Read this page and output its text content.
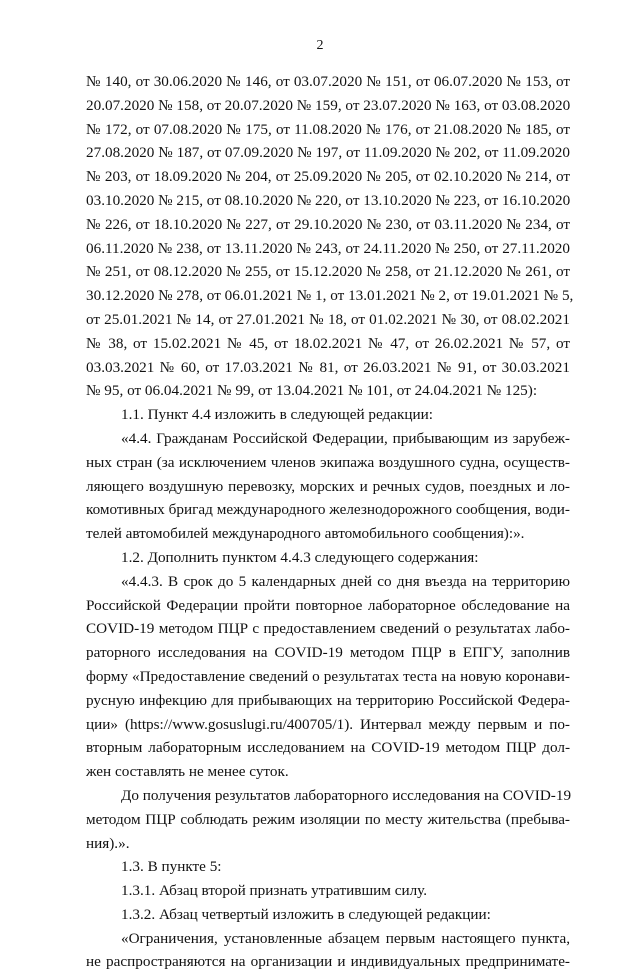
2
№ 140, от 30.06.2020 № 146, от 03.07.2020 № 151, от 06.07.2020 № 153, от
20.07.2020 № 158, от 20.07.2020 № 159, от 23.07.2020 № 163, от 03.08.2020
№ 172, от 07.08.2020 № 175, от 11.08.2020 № 176, от 21.08.2020 № 185, от
27.08.2020 № 187, от 07.09.2020 № 197, от 11.09.2020 № 202, от 11.09.2020
№ 203, от 18.09.2020 № 204, от 25.09.2020 № 205, от 02.10.2020 № 214, от
03.10.2020 № 215, от 08.10.2020 № 220, от 13.10.2020 № 223, от 16.10.2020
№ 226, от 18.10.2020 № 227, от 29.10.2020 № 230, от 03.11.2020 № 234, от
06.11.2020 № 238, от 13.11.2020 № 243, от 24.11.2020 № 250, от 27.11.2020
№ 251, от 08.12.2020 № 255, от 15.12.2020 № 258, от 21.12.2020 № 261, от
30.12.2020 № 278, от 06.01.2021 № 1, от 13.01.2021 № 2, от 19.01.2021 № 5,
от 25.01.2021 № 14, от 27.01.2021 № 18, от 01.02.2021 № 30, от 08.02.2021
№ 38, от 15.02.2021 № 45, от 18.02.2021 № 47, от 26.02.2021 № 57, от
03.03.2021 № 60, от 17.03.2021 № 81, от 26.03.2021 № 91, от 30.03.2021
№ 95, от 06.04.2021 № 99, от 13.04.2021 № 101, от 24.04.2021 № 125):
1.1. Пункт 4.4 изложить в следующей редакции:
«4.4. Гражданам Российской Федерации, прибывающим из зарубеж-
ных стран (за исключением членов экипажа воздушного судна, осуществ-
ляющего воздушную перевозку, морских и речных судов, поездных и ло-
комотивных бригад международного железнодорожного сообщения, води-
телей автомобилей международного автомобильного сообщения):».
1.2. Дополнить пунктом 4.4.3 следующего содержания:
«4.4.3. В срок до 5 календарных дней со дня въезда на территорию
Российской Федерации пройти повторное лабораторное обследование на
COVID-19 методом ПЦР с предоставлением сведений о результатах лабо-
раторного исследования на COVID-19 методом ПЦР в ЕПГУ, заполнив
форму «Предоставление сведений о результатах теста на новую коронави-
русную инфекцию для прибывающих на территорию Российской Федера-
ции» (https://www.gosuslugi.ru/400705/1). Интервал между первым и по-
вторным лабораторным исследованием на COVID-19 методом ПЦР дол-
жен составлять не менее суток.
До получения результатов лабораторного исследования на COVID-19
методом ПЦР соблюдать режим изоляции по месту жительства (пребыва-
ния).».
1.3. В пункте 5:
1.3.1. Абзац второй признать утратившим силу.
1.3.2. Абзац четвертый изложить в следующей редакции:
«Ограничения, установленные абзацем первым настоящего пункта,
не распространяются на организации и индивидуальных предпринимате-
